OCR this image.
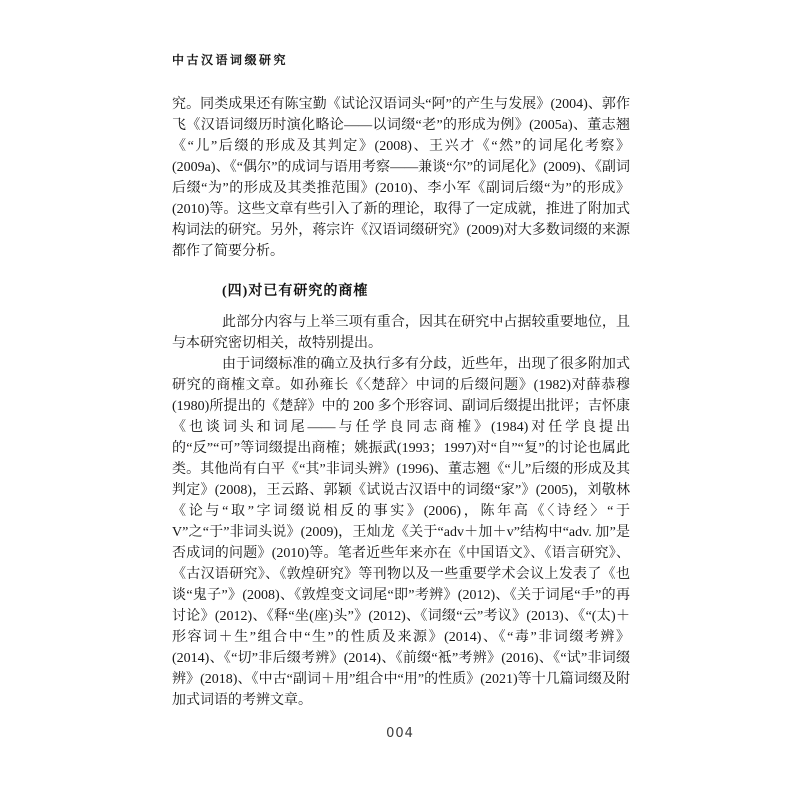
中古汉语词缀研究

究。同类成果还有陈宝勤《试论汉语词头“阿”的产生与发展》(2004)、郭作飞《汉语词缀历时演化略论——以词缀“老”的形成为例》(2005a)、董志翘《“儿”后缀的形成及其判定》(2008)、王兴才《“然”的词尾化考察》(2009a)、《“偶尔”的成词与语用考察——兼谈“尔”的词尾化》(2009)、《副词后缀“为”的形成及其类推范围》(2010)、李小军《副词后缀“为”的形成》(2010)等。这些文章有些引入了新的理论，取得了一定成就，推进了附加式构词法的研究。另外，蒋宗许《汉语词缀研究》(2009)对大多数词缀的来源都作了简要分析。

(四)对已有研究的商榷

此部分内容与上举三项有重合，因其在研究中占据较重要地位，且与本研究密切相关，故特别提出。

由于词缀标准的确立及执行多有分歧，近些年，出现了很多附加式研究的商榷文章。如孙雍长《〈楚辞〉中词的后缀问题》(1982)对薛恭穆(1980)所提出的《楚辞》中的 200 多个形容词、副词后缀提出批评；吉怀康《也谈词头和词尾——与任学良同志商榷》(1984)对任学良提出的“反”“可”等词缀提出商榷；姚振武(1993；1997)对“自”“复”的讨论也属此类。其他尚有白平《“其”非词头辨》(1996)、董志翘《“儿”后缀的形成及其判定》(2008)，王云路、郭颖《试说古汉语中的词缀“家”》(2005)，刘敬林《论与“取”字词缀说相反的事实》(2006)，陈年高《〈诗经〉“于 V”之“于”非词头说》(2009)，王灿龙《关于“adv＋加＋v”结构中“adv. 加”是否成词的问题》(2010)等。笔者近些年来亦在《中国语文》、《语言研究》、《古汉语研究》、《敦煌研究》等刊物以及一些重要学术会议上发表了《也谈“鬼子”》(2008)、《敦煌变文词尾“即”考辨》(2012)、《关于词尾“手”的再讨论》(2012)、《释“坐(座)头”》(2012)、《词缀“云”考议》(2013)、《“(太)＋形容词＋生”组合中“生”的性质及来源》(2014)、《“毒”非词缀考辨》(2014)、《“切”非后缀考辨》(2014)、《前缀“袛”考辨》(2016)、《“试”非词缀辨》(2018)、《中古“副词＋用”组合中“用”的性质》(2021)等十几篇词缀及附加式词语的考辨文章。

004
